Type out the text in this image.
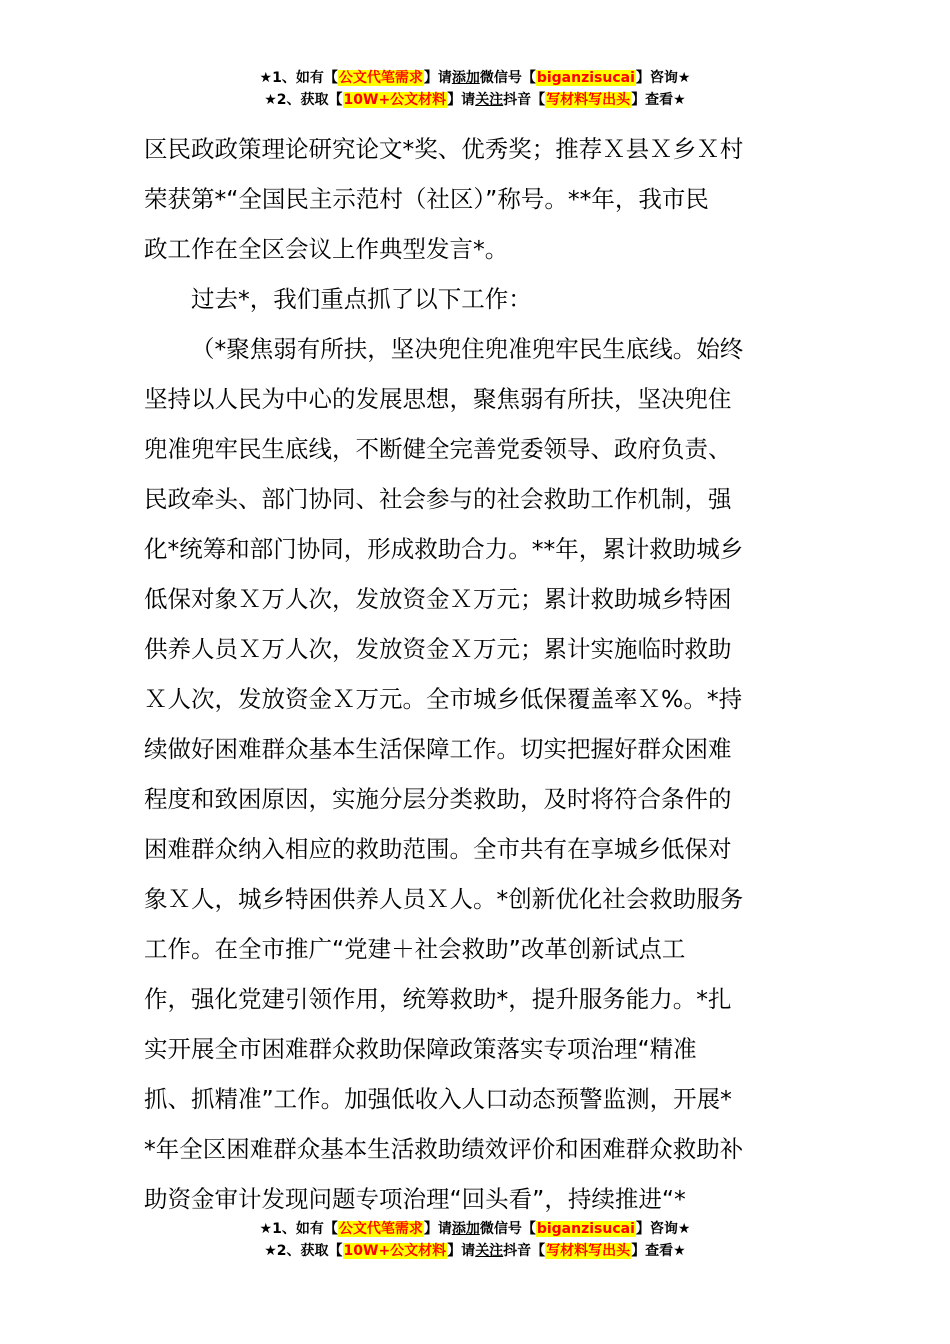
★1、如有【公文代笔需求】请添加微信号【biganzisucai】咨询★
★2、获取【10W+公文材料】请关注抖音【写材料写出头】查看★
区民政政策理论研究论文*奖、优秀奖；推荐Ｘ县Ｘ乡Ｘ村
荣获第*“全国民主示范村（社区）”称号。**年，我市民
政工作在全区会议上作典型发言*。
过去*，我们重点抓了以下工作：
（*聚焦弱有所扶，坚决兜住兜准兜牢民生底线。始终
坚持以人民为中心的发展思想，聚焦弱有所扶，坚决兜住
兜准兜牢民生底线，不断健全完善党委领导、政府负责、
民政牵头、部门协同、社会参与的社会救助工作机制，强
化*统筹和部门协同，形成救助合力。**年，累计救助城乡
低保对象Ｘ万人次，发放资金Ｘ万元；累计救助城乡特困
供养人员Ｘ万人次，发放资金Ｘ万元；累计实施临时救助
Ｘ人次，发放资金Ｘ万元。全市城乡低保覆盖率Ｘ%。*持
续做好困难群众基本生活保障工作。切实把握好群众困难
程度和致困原因，实施分层分类救助，及时将符合条件的
困难群众纳入相应的救助范围。全市共有在享城乡低保对
象Ｘ人，城乡特困供养人员Ｘ人。*创新优化社会救助服务
工作。在全市推广“党建＋社会救助”改革创新试点工
作，强化党建引领作用，统筹救助*，提升服务能力。*扎
实开展全市困难群众救助保障政策落实专项治理“精准
抓、抓精准”工作。加强低收入人口动态预警监测，开展*
*年全区困难群众基本生活救助绩效评价和困难群众救助补
助资金审计发现问题专项治理“回头看”，持续推进“*
★1、如有【公文代笔需求】请添加微信号【biganzisucai】咨询★
★2、获取【10W+公文材料】请关注抖音【写材料写出头】查看★
